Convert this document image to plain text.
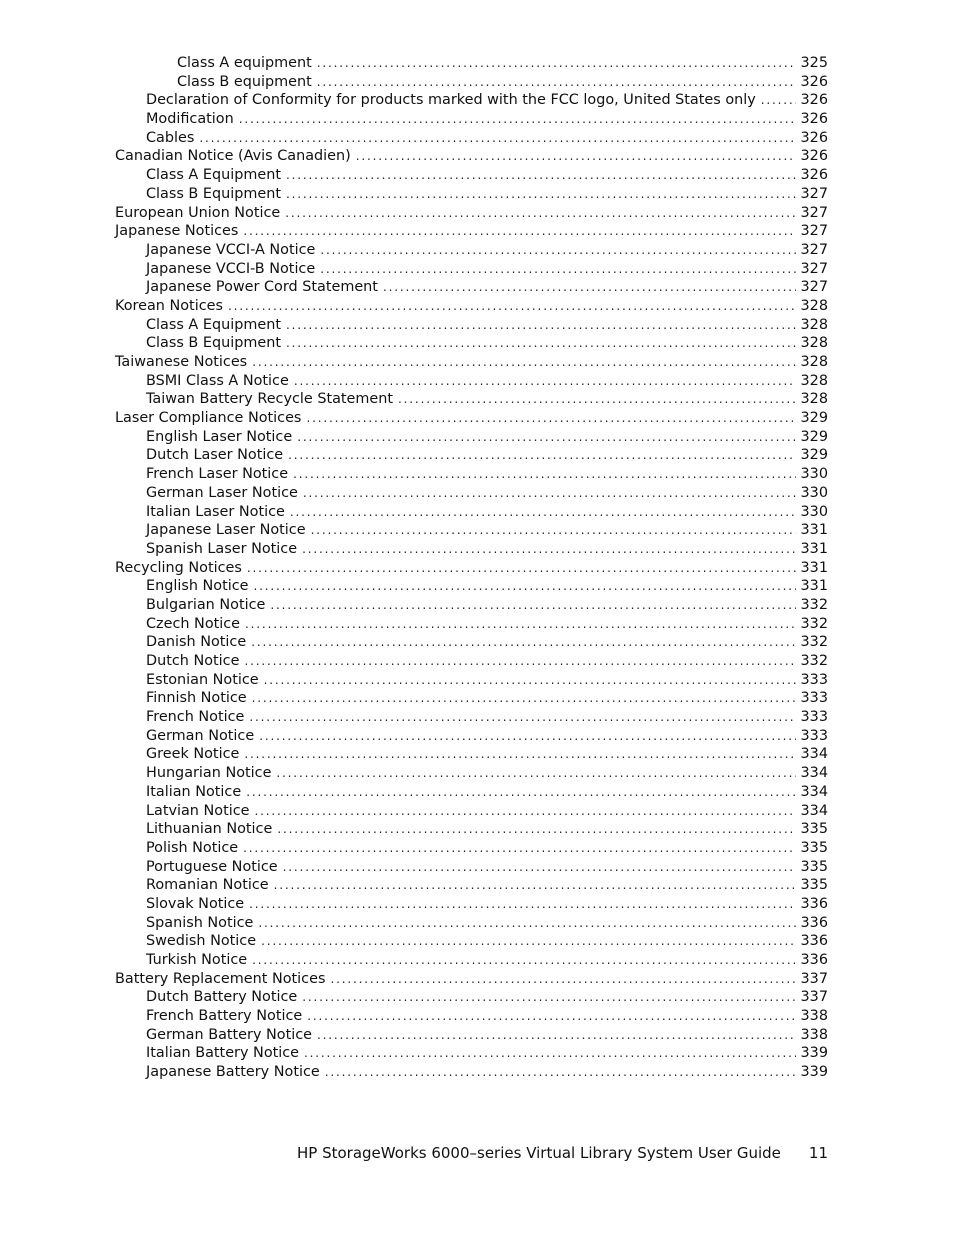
Class A equipment . . .	325
Class B equipment . . .	326
Declaration of Conformity for products marked with the FCC logo, United States only . . .	326
Modification . . .	326
Cables . . .	326
Canadian Notice (Avis Canadien) . . .	326
Class A Equipment . . .	326
Class B Equipment . . .	327
European Union Notice . . .	327
Japanese Notices . . .	327
Japanese VCCI-A Notice . . .	327
Japanese VCCI-B Notice . . .	327
Japanese Power Cord Statement . . .	327
Korean Notices . . .	328
Class A Equipment . . .	328
Class B Equipment . . .	328
Taiwanese Notices . . .	328
BSMI Class A Notice . . .	328
Taiwan Battery Recycle Statement . . .	328
Laser Compliance Notices . . .	329
English Laser Notice . . .	329
Dutch Laser Notice . . .	329
French Laser Notice . . .	330
German Laser Notice . . .	330
Italian Laser Notice . . .	330
Japanese Laser Notice . . .	331
Spanish Laser Notice . . .	331
Recycling Notices . . .	331
English Notice . . .	331
Bulgarian Notice . . .	332
Czech Notice . . .	332
Danish Notice . . .	332
Dutch Notice . . .	332
Estonian Notice . . .	333
Finnish Notice . . .	333
French Notice . . .	333
German Notice . . .	333
Greek Notice . . .	334
Hungarian Notice . . .	334
Italian Notice . . .	334
Latvian Notice . . .	334
Lithuanian Notice . . .	335
Polish Notice . . .	335
Portuguese Notice . . .	335
Romanian Notice . . .	335
Slovak Notice . . .	336
Spanish Notice . . .	336
Swedish Notice . . .	336
Turkish Notice . . .	336
Battery Replacement Notices . . .	337
Dutch Battery Notice . . .	337
French Battery Notice . . .	338
German Battery Notice . . .	338
Italian Battery Notice . . .	339
Japanese Battery Notice . . .	339
HP StorageWorks 6000–series Virtual Library System User Guide 11
